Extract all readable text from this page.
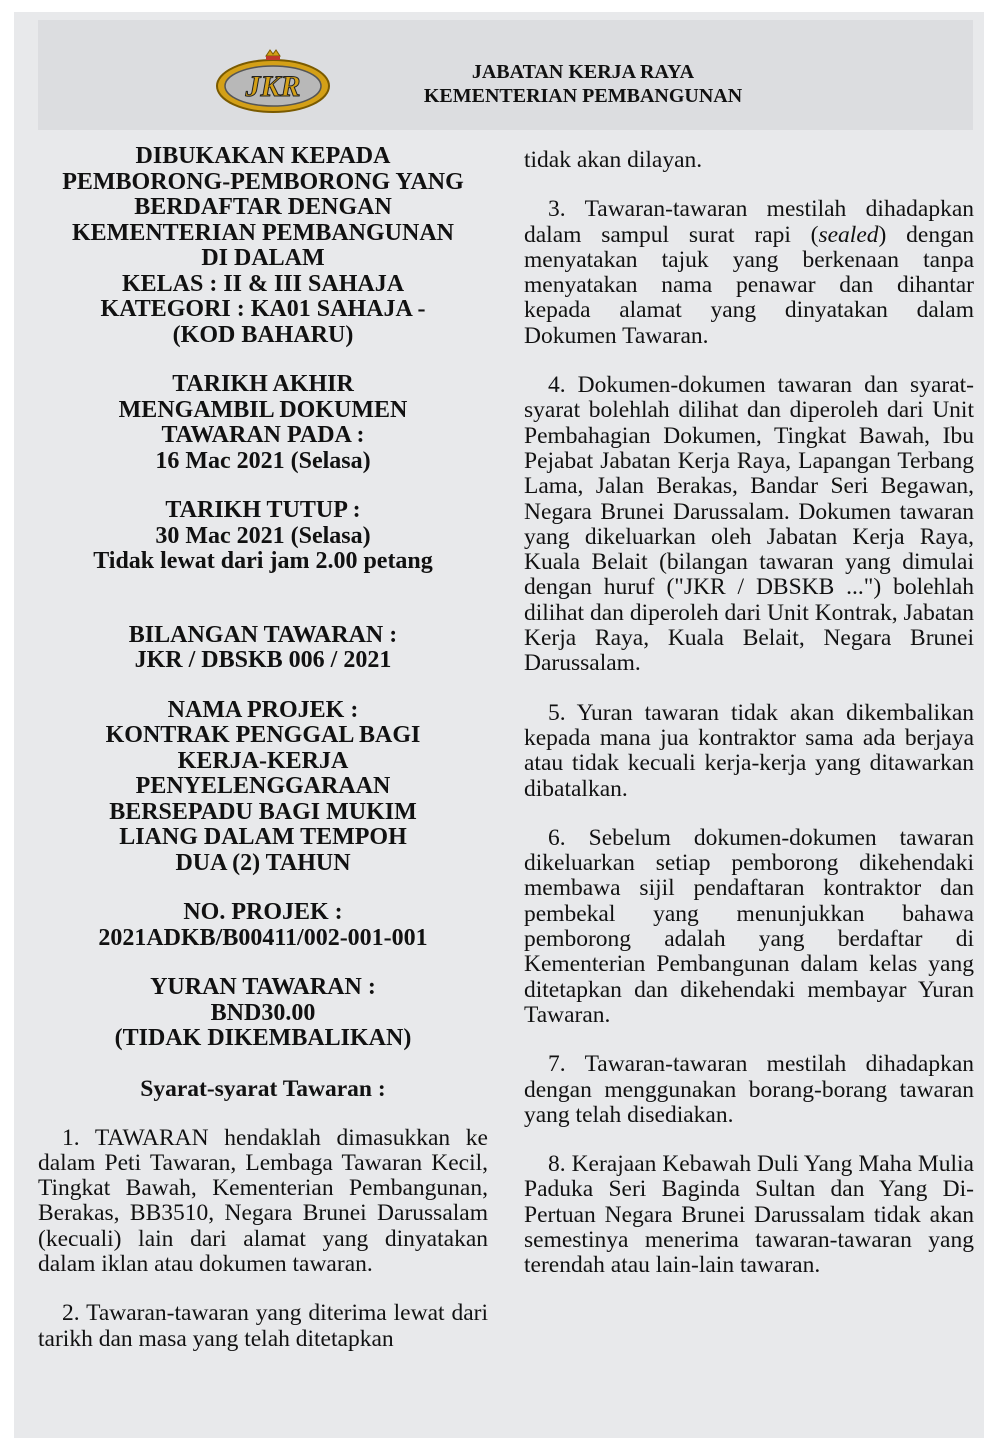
JKR	JABATAN KERJA RAYA
KEMENTERIAN PEMBANGUNAN
DIBUKAKAN KEPADA
PEMBORONG-PEMBORONG YANG
BERDAFTAR DENGAN
KEMENTERIAN PEMBANGUNAN
DI DALAM
KELAS : II & III SAHAJA
KATEGORI : KA01 SAHAJA -
(KOD BAHARU)
TARIKH AKHIR
MENGAMBIL DOKUMEN
TAWARAN PADA :
16 Mac 2021 (Selasa)
TARIKH TUTUP :
30 Mac 2021 (Selasa)
Tidak lewat dari jam 2.00 petang
BILANGAN TAWARAN :
JKR / DBSKB 006 / 2021
NAMA PROJEK :
KONTRAK PENGGAL BAGI
KERJA-KERJA
PENYELENGGARAAN
BERSEPADU BAGI MUKIM
LIANG DALAM TEMPOH
DUA (2) TAHUN
NO. PROJEK :
2021ADKB/B00411/002-001-001
YURAN TAWARAN :
BND30.00
(TIDAK DIKEMBALIKAN)
Syarat-syarat Tawaran :

1. TAWARAN hendaklah dimasukkan ke dalam Peti Tawaran, Lembaga Tawaran Kecil, Tingkat Bawah, Kementerian Pembangunan, Berakas, BB3510, Negara Brunei Darussalam (kecuali) lain dari alamat yang dinyatakan dalam iklan atau dokumen tawaran.

2. Tawaran-tawaran yang diterima lewat dari tarikh dan masa yang telah ditetapkan

tidak akan dilayan.

3. Tawaran-tawaran mestilah dihadapkan dalam sampul surat rapi (sealed) dengan menyatakan tajuk yang berkenaan tanpa menyatakan nama penawar dan dihantar kepada alamat yang dinyatakan dalam Dokumen Tawaran.

4. Dokumen-dokumen tawaran dan syarat-syarat bolehlah dilihat dan diperoleh dari Unit Pembahagian Dokumen, Tingkat Bawah, Ibu Pejabat Jabatan Kerja Raya, Lapangan Terbang Lama, Jalan Berakas, Bandar Seri Begawan, Negara Brunei Darussalam. Dokumen tawaran yang dikeluarkan oleh Jabatan Kerja Raya, Kuala Belait (bilangan tawaran yang dimulai dengan huruf ("JKR / DBSKB ...") bolehlah dilihat dan diperoleh dari Unit Kontrak, Jabatan Kerja Raya, Kuala Belait, Negara Brunei Darussalam.

5. Yuran tawaran tidak akan dikembalikan kepada mana jua kontraktor sama ada berjaya atau tidak kecuali kerja-kerja yang ditawarkan dibatalkan.

6. Sebelum dokumen-dokumen tawaran dikeluarkan setiap pemborong dikehendaki membawa sijil pendaftaran kontraktor dan pembekal yang menunjukkan bahawa pemborong adalah yang berdaftar di Kementerian Pembangunan dalam kelas yang ditetapkan dan dikehendaki membayar Yuran Tawaran.

7. Tawaran-tawaran mestilah dihadapkan dengan menggunakan borang-borang tawaran yang telah disediakan.

8. Kerajaan Kebawah Duli Yang Maha Mulia Paduka Seri Baginda Sultan dan Yang Di-Pertuan Negara Brunei Darussalam tidak akan semestinya menerima tawaran-tawaran yang terendah atau lain-lain tawaran.
